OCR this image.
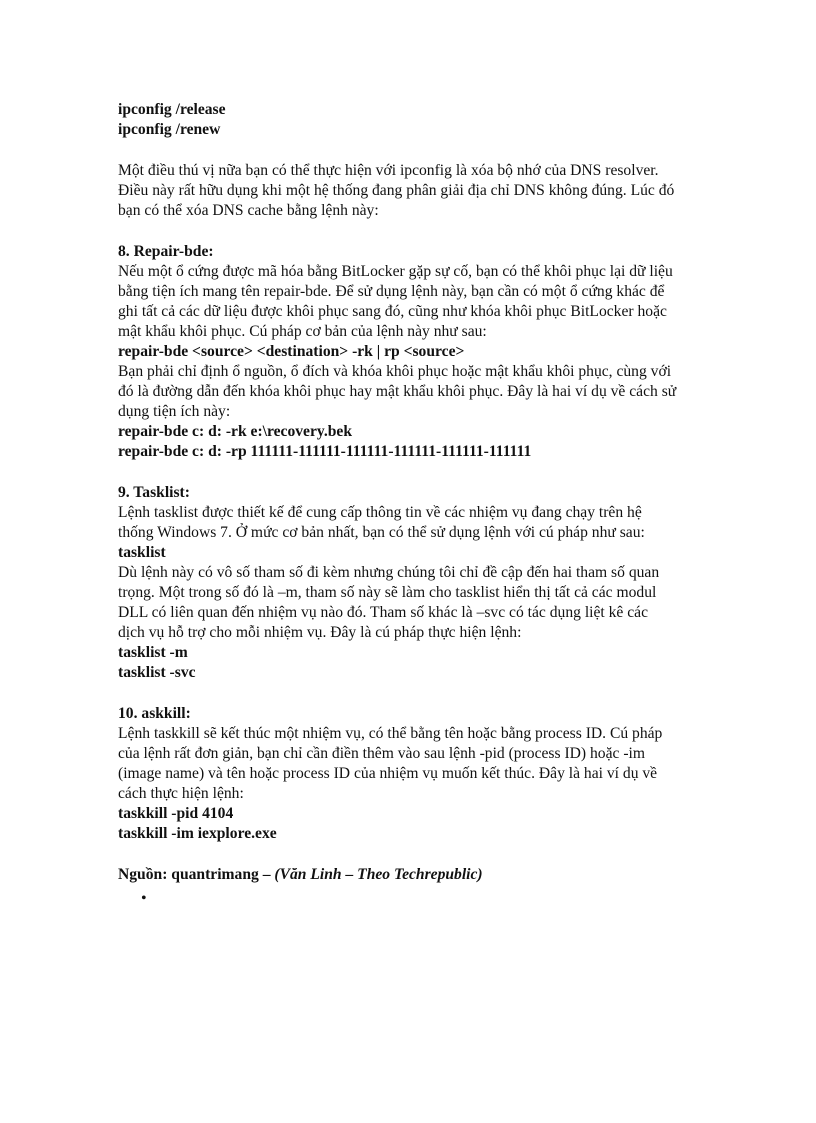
ipconfig /release
ipconfig /renew
Một điều thú vị nữa bạn có thể thực hiện với ipconfig là xóa bộ nhớ của DNS resolver.
Điều này rất hữu dụng khi một hệ thống đang phân giải địa chỉ DNS không đúng. Lúc đó
bạn có thể xóa DNS cache bằng lệnh này:
8. Repair-bde:
Nếu một ổ cứng được mã hóa bằng BitLocker gặp sự cố, bạn có thể khôi phục lại dữ liệu
bằng tiện ích mang tên repair-bde. Để sử dụng lệnh này, bạn cần có một ổ cứng khác để
ghi tất cả các dữ liệu được khôi phục sang đó, cũng như khóa khôi phục BitLocker hoặc
mật khẩu khôi phục. Cú pháp cơ bản của lệnh này như sau:
repair-bde <source> <destination> -rk | rp <source>
Bạn phải chỉ định ổ nguồn, ổ đích và khóa khôi phục hoặc mật khẩu khôi phục, cùng với
đó là đường dẫn đến khóa khôi phục hay mật khẩu khôi phục. Đây là hai ví dụ về cách sử
dụng tiện ích này:
repair-bde c: d: -rk e:\recovery.bek
repair-bde c: d: -rp 111111-111111-111111-111111-111111-111111
9. Tasklist:
Lệnh tasklist được thiết kế để cung cấp thông tin về các nhiệm vụ đang chạy trên hệ
thống Windows 7. Ở mức cơ bản nhất, bạn có thể sử dụng lệnh với cú pháp như sau:
tasklist
Dù lệnh này có vô số tham số đi kèm nhưng chúng tôi chỉ đề cập đến hai tham số quan
trọng. Một trong số đó là –m, tham số này sẽ làm cho tasklist hiển thị tất cả các modul
DLL có liên quan đến nhiệm vụ nào đó. Tham số khác là –svc có tác dụng liệt kê các
dịch vụ hỗ trợ cho mỗi nhiệm vụ. Đây là cú pháp thực hiện lệnh:
tasklist -m
tasklist -svc
10. askkill:
Lệnh taskkill sẽ kết thúc một nhiệm vụ, có thể bằng tên hoặc bằng process ID. Cú pháp
của lệnh rất đơn giản, bạn chỉ cần điền thêm vào sau lệnh -pid (process ID) hoặc -im
(image name) và tên hoặc process ID của nhiệm vụ muốn kết thúc. Đây là hai ví dụ về
cách thực hiện lệnh:
taskkill -pid 4104
taskkill -im iexplore.exe
Nguồn: quantrimang – (Văn Linh – Theo Techrepublic)
•
